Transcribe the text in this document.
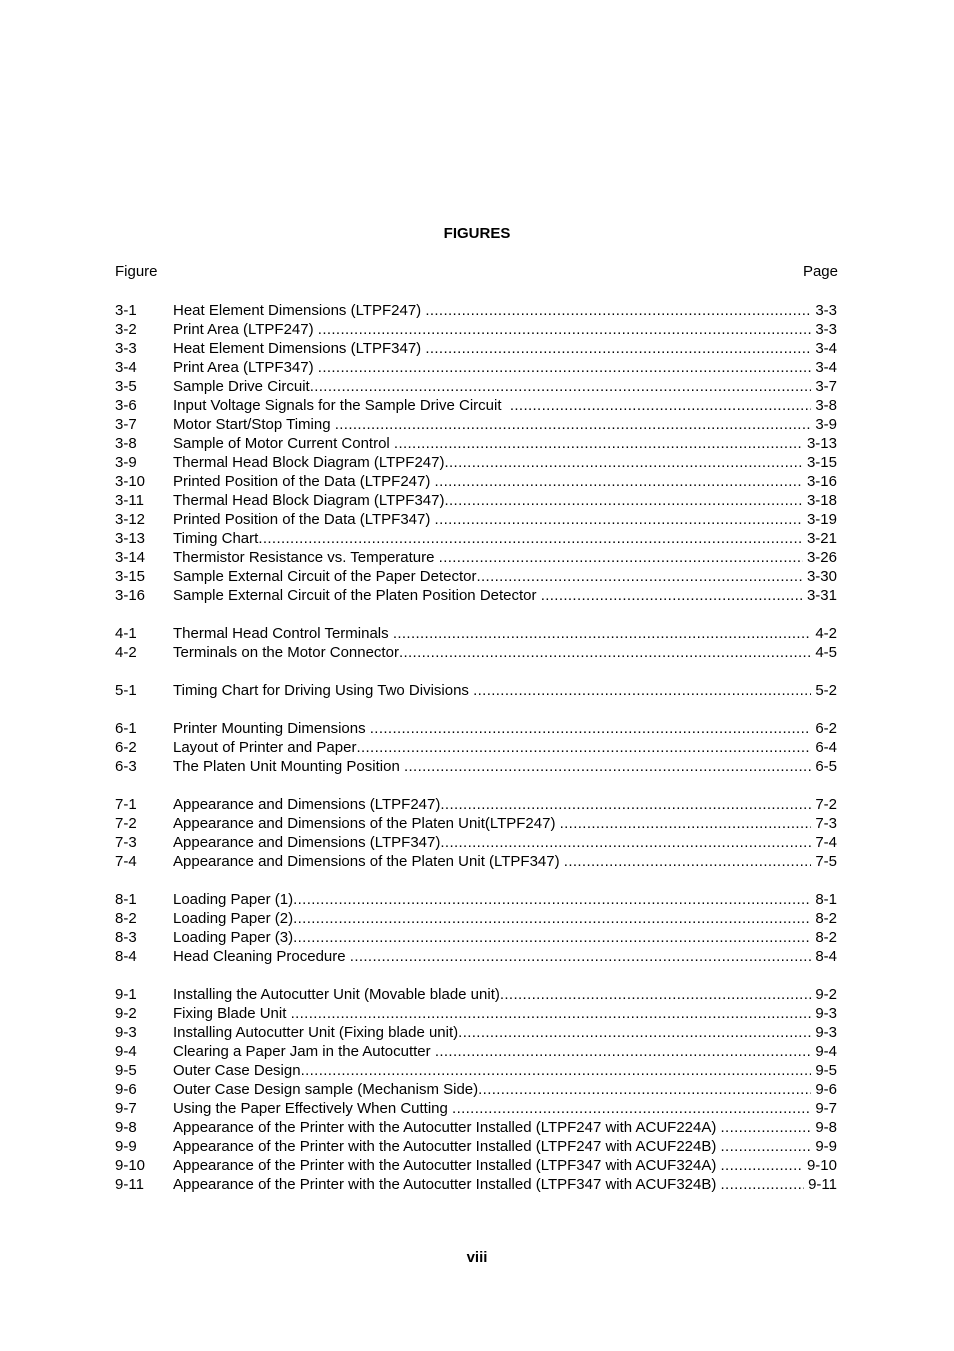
FIGURES
Figure	Page
3-1	Heat Element Dimensions (LTPF247) . . .	3-3
3-2	Print Area (LTPF247) . . .	3-3
3-3	Heat Element Dimensions (LTPF347) . . .	3-4
3-4	Print Area (LTPF347) . . .	3-4
3-5	Sample Drive Circuit . . .	3-7
3-6	Input Voltage Signals for the Sample Drive Circuit . . .	3-8
3-7	Motor Start/Stop Timing . . .	3-9
3-8	Sample of Motor Current Control . . .	3-13
3-9	Thermal Head Block Diagram (LTPF247) . . .	3-15
3-10	Printed Position of the Data (LTPF247) . . .	3-16
3-11	Thermal Head Block Diagram (LTPF347) . . .	3-18
3-12	Printed Position of the Data (LTPF347) . . .	3-19
3-13	Timing Chart . . .	3-21
3-14	Thermistor Resistance vs. Temperature . . .	3-26
3-15	Sample External Circuit of the Paper Detector . . .	3-30
3-16	Sample External Circuit of the Platen Position Detector . . .	3-31
4-1	Thermal Head Control Terminals . . .	4-2
4-2	Terminals on the Motor Connector . . .	4-5
5-1	Timing Chart for Driving Using Two Divisions . . .	5-2
6-1	Printer Mounting Dimensions . . .	6-2
6-2	Layout of Printer and Paper . . .	6-4
6-3	The Platen Unit Mounting Position . . .	6-5
7-1	Appearance and Dimensions (LTPF247) . . .	7-2
7-2	Appearance and Dimensions of the Platen Unit(LTPF247) . . .	7-3
7-3	Appearance and Dimensions (LTPF347) . . .	7-4
7-4	Appearance and Dimensions of the Platen Unit (LTPF347) . . .	7-5
8-1	Loading Paper (1) . . .	8-1
8-2	Loading Paper (2) . . .	8-2
8-3	Loading Paper (3) . . .	8-2
8-4	Head Cleaning Procedure . . .	8-4
9-1	Installing the Autocutter Unit (Movable blade unit) . . .	9-2
9-2	Fixing Blade Unit . . .	9-3
9-3	Installing Autocutter Unit (Fixing blade unit) . . .	9-3
9-4	Clearing a Paper Jam in the Autocutter . . .	9-4
9-5	Outer Case Design . . .	9-5
9-6	Outer Case Design sample (Mechanism Side) . . .	9-6
9-7	Using the Paper Effectively When Cutting . . .	9-7
9-8	Appearance of the Printer with the Autocutter Installed (LTPF247 with ACUF224A) . . .	9-8
9-9	Appearance of the Printer with the Autocutter Installed (LTPF247 with ACUF224B) . . .	9-9
9-10	Appearance of the Printer with the Autocutter Installed (LTPF347 with ACUF324A) . . .	9-10
9-11	Appearance of the Printer with the Autocutter Installed (LTPF347 with ACUF324B) . . .	9-11
viii
